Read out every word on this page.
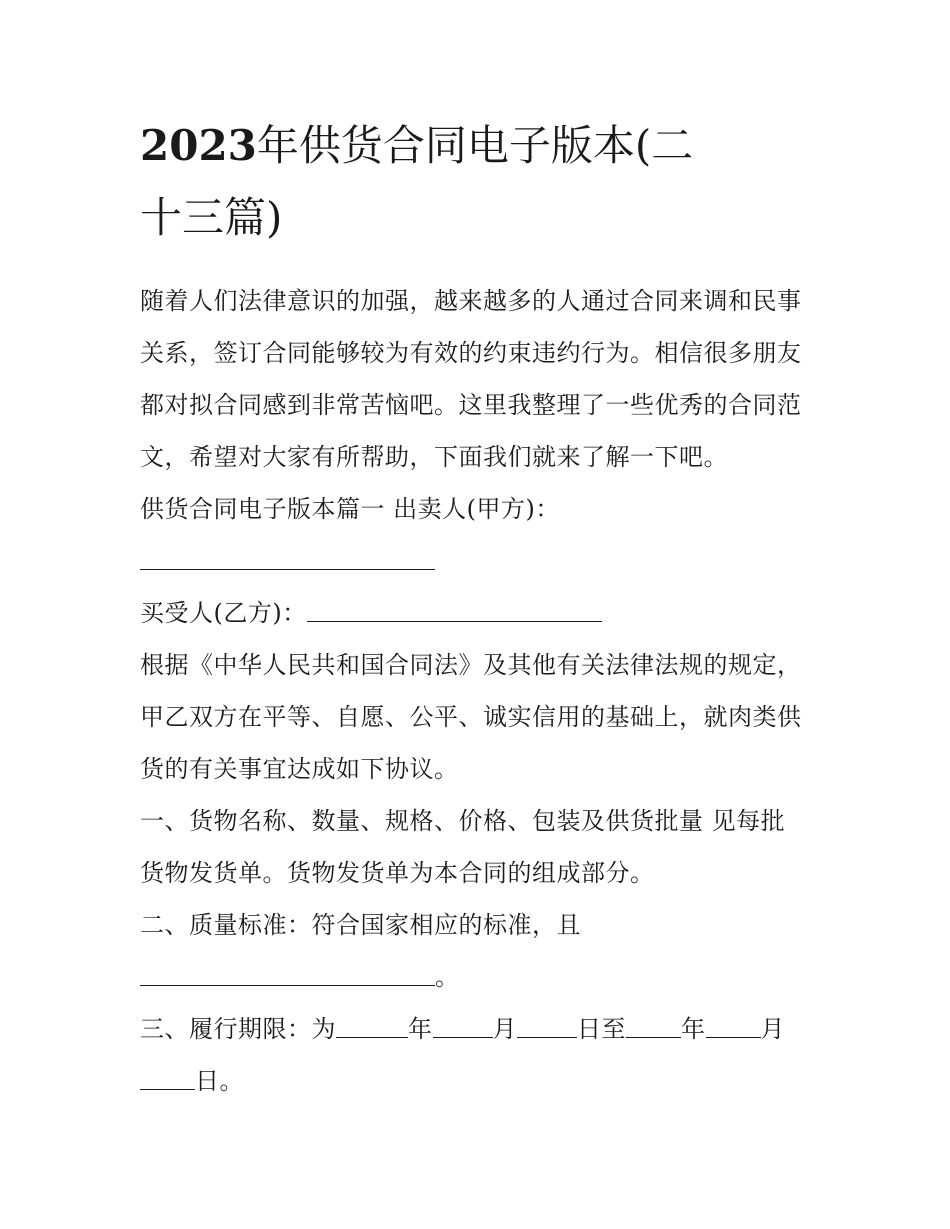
2023年供货合同电子版本(二
十三篇)
随着人们法律意识的加强，越来越多的人通过合同来调和民事
关系，签订合同能够较为有效的约束违约行为。相信很多朋友
都对拟合同感到非常苦恼吧。这里我整理了一些优秀的合同范
文，希望对大家有所帮助，下面我们就来了解一下吧。
供货合同电子版本篇一 出卖人(甲方)：
买受人(乙方)：
根据《中华人民共和国合同法》及其他有关法律法规的规定，
甲乙双方在平等、自愿、公平、诚实信用的基础上，就肉类供
货的有关事宜达成如下协议。
一、货物名称、数量、规格、价格、包装及供货批量 见每批
货物发货单。货物发货单为本合同的组成部分。
二、质量标准：符合国家相应的标准，且
。
三、履行期限：为	年	月	日至 年 月
日。
